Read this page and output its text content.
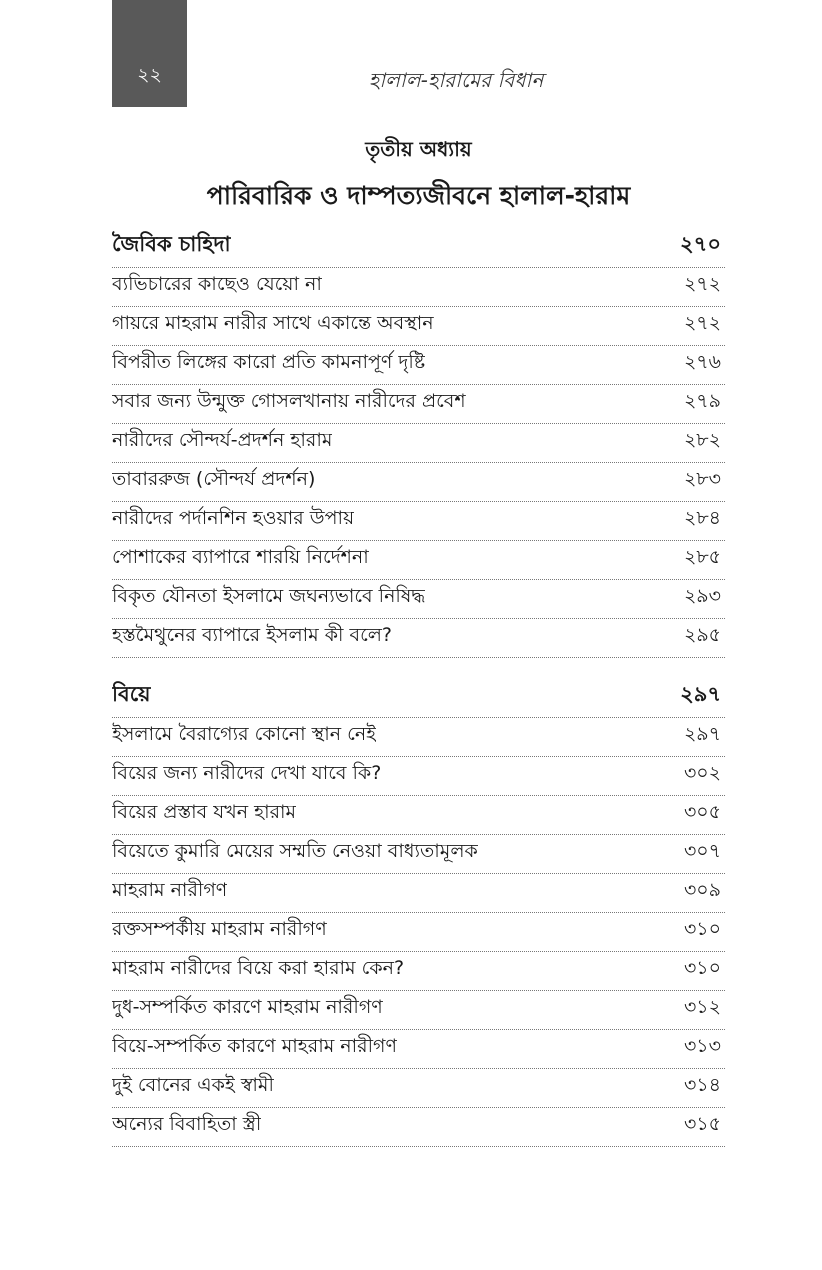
২২	হালাল-হারামের বিধান
তৃতীয় অধ্যায়
পারিবারিক ও দাম্পত্যজীবনে হালাল-হারাম
জৈবিক চাহিদা	২৭০
ব্যভিচারের কাছেও যেয়ো না	২৭২
গায়রে মাহরাম নারীর সাথে একান্তে অবস্থান	২৭২
বিপরীত লিঙ্গের কারো প্রতি কামনাপূর্ণ দৃষ্টি	২৭৬
সবার জন্য উন্মুক্ত গোসলখানায় নারীদের প্রবেশ	২৭৯
নারীদের সৌন্দর্য-প্রদর্শন হারাম	২৮২
তাবাররুজ (সৌন্দর্য প্রদর্শন)	২৮৩
নারীদের পর্দানশিন হওয়ার উপায়	২৮৪
পোশাকের ব্যাপারে শারয়ি নির্দেশনা	২৮৫
বিকৃত যৌনতা ইসলামে জঘন্যভাবে নিষিদ্ধ	২৯৩
হস্তমৈথুনের ব্যাপারে ইসলাম কী বলে?	২৯৫
বিয়ে	২৯৭
ইসলামে বৈরাগ্যের কোনো স্থান নেই	২৯৭
বিয়ের জন্য নারীদের দেখা যাবে কি?	৩০২
বিয়ের প্রস্তাব যখন হারাম	৩০৫
বিয়েতে কুমারি মেয়ের সম্মতি নেওয়া বাধ্যতামূলক	৩০৭
মাহরাম নারীগণ	৩০৯
রক্তসম্পর্কীয় মাহরাম নারীগণ	৩১০
মাহরাম নারীদের বিয়ে করা হারাম কেন?	৩১০
দুধ-সম্পর্কিত কারণে মাহরাম নারীগণ	৩১২
বিয়ে-সম্পর্কিত কারণে মাহরাম নারীগণ	৩১৩
দুই বোনের একই স্বামী	৩১৪
অন্যের বিবাহিতা স্ত্রী	৩১৫
